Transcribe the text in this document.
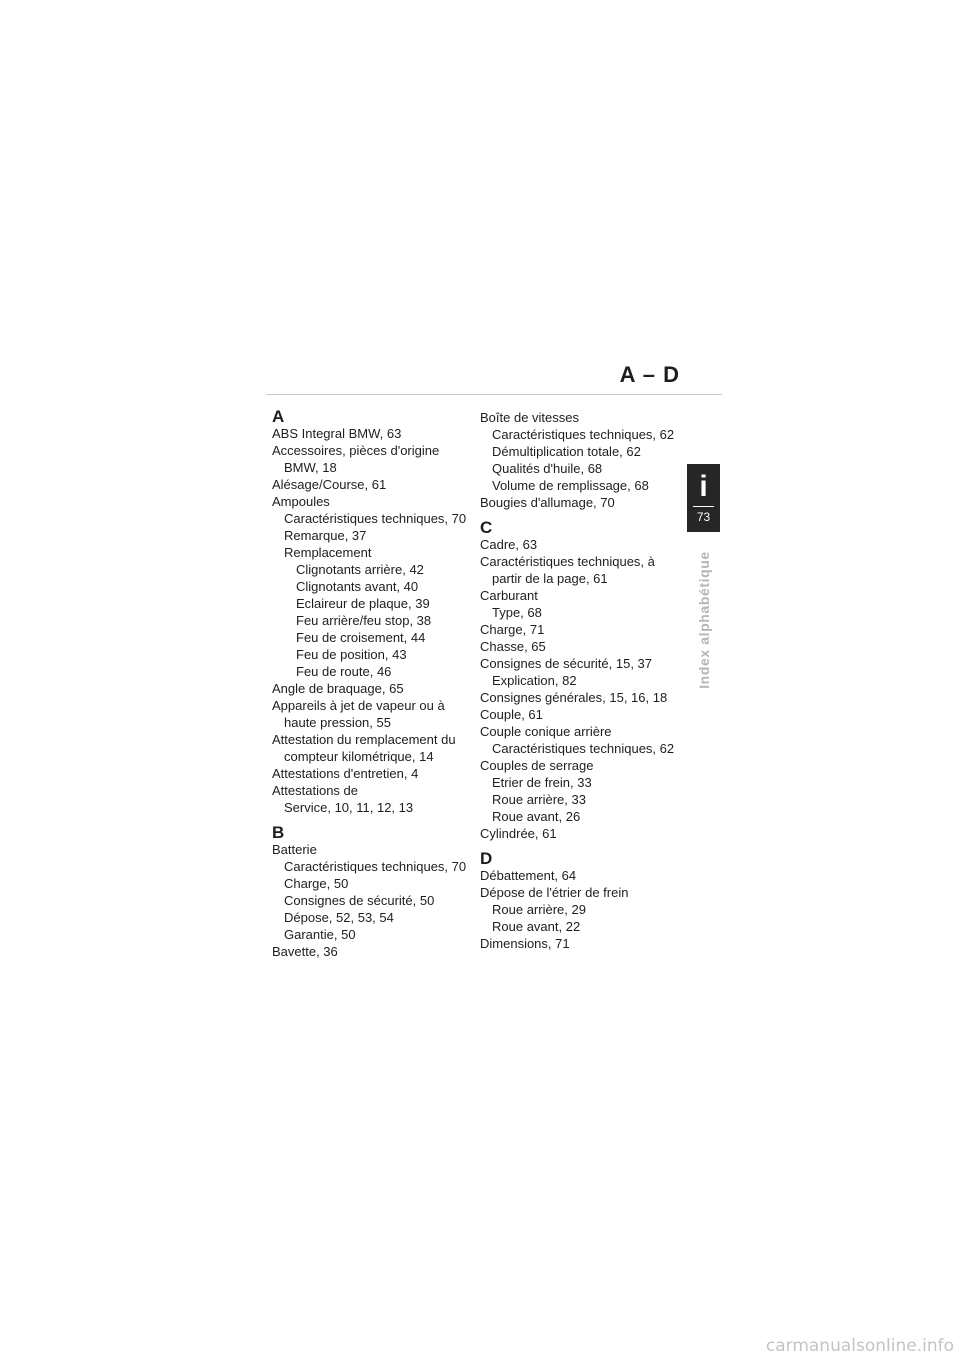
A – D
i
73
Index alphabétique
A
ABS Integral BMW, 63
Accessoires, pièces d'origine
BMW, 18
Alésage/Course, 61
Ampoules
Caractéristiques techniques, 70
Remarque, 37
Remplacement
Clignotants arrière, 42
Clignotants avant, 40
Eclaireur de plaque, 39
Feu arrière/feu stop, 38
Feu de croisement, 44
Feu de position, 43
Feu de route, 46
Angle de braquage, 65
Appareils à jet de vapeur ou à
haute pression, 55
Attestation du remplacement du
compteur kilométrique, 14
Attestations d'entretien, 4
Attestations de
Service, 10, 11, 12, 13
B
Batterie
Caractéristiques techniques, 70
Charge, 50
Consignes de sécurité, 50
Dépose, 52, 53, 54
Garantie, 50
Bavette, 36
Boîte de vitesses
Caractéristiques techniques, 62
Démultiplication totale, 62
Qualités d'huile, 68
Volume de remplissage, 68
Bougies d'allumage, 70
C
Cadre, 63
Caractéristiques techniques, à
partir de la page, 61
Carburant
Type, 68
Charge, 71
Chasse, 65
Consignes de sécurité, 15, 37
Explication, 82
Consignes générales, 15, 16, 18
Couple, 61
Couple conique arrière
Caractéristiques techniques, 62
Couples de serrage
Etrier de frein, 33
Roue arrière, 33
Roue avant, 26
Cylindrée, 61
D
Débattement, 64
Dépose de l'étrier de frein
Roue arrière, 29
Roue avant, 22
Dimensions, 71
carmanualsonline.info
